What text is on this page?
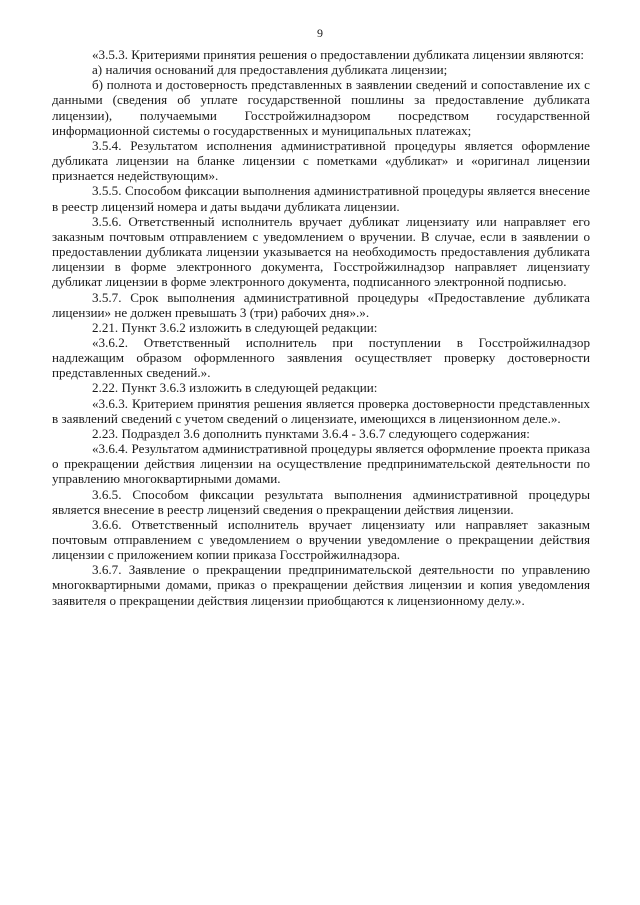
9

«3.5.3. Критериями принятия решения о предоставлении дубликата лицензии являются:

а) наличия оснований для предоставления дубликата лицензии;

б) полнота и достоверность представленных в заявлении сведений и сопоставление их с данными (сведения об уплате государственной пошлины за предоставление дубликата лицензии), получаемыми Госстройжилнадзором посредством государственной информационной системы о государственных и муниципальных платежах;

3.5.4. Результатом исполнения административной процедуры является оформление дубликата лицензии на бланке лицензии с пометками «дубликат» и «оригинал лицензии признается недействующим».

3.5.5. Способом фиксации выполнения административной процедуры является внесение в реестр лицензий номера и даты выдачи дубликата лицензии.

3.5.6. Ответственный исполнитель вручает дубликат лицензиату или направляет его заказным почтовым отправлением с уведомлением о вручении. В случае, если в заявлении о предоставлении дубликата лицензии указывается на необходимость предоставления дубликата лицензии в форме электронного документа, Госстройжилнадзор направляет лицензиату дубликат лицензии в форме электронного документа, подписанного электронной подписью.

3.5.7. Срок выполнения административной процедуры «Предоставление дубликата лицензии» не должен превышать 3 (три) рабочих дня».».

2.21. Пункт 3.6.2 изложить в следующей редакции:

«3.6.2. Ответственный исполнитель при поступлении в Госстройжилнадзор надлежащим образом оформленного заявления осуществляет проверку достоверности представленных сведений.».

2.22. Пункт 3.6.3 изложить в следующей редакции:

«3.6.3. Критерием принятия решения является проверка достоверности представленных в заявлений сведений с учетом сведений о лицензиате, имеющихся в лицензионном деле.».

2.23. Подраздел 3.6 дополнить пунктами 3.6.4 - 3.6.7 следующего содержания:

«3.6.4. Результатом административной процедуры является оформление проекта приказа о прекращении действия лицензии на осуществление предпринимательской деятельности по управлению многоквартирными домами.

3.6.5. Способом фиксации результата выполнения административной процедуры является внесение в реестр лицензий сведения о прекращении действия лицензии.

3.6.6. Ответственный исполнитель вручает лицензиату или направляет заказным почтовым отправлением с уведомлением о вручении уведомление о прекращении действия лицензии с приложением копии приказа Госстройжилнадзора.

3.6.7. Заявление о прекращении предпринимательской деятельности по управлению многоквартирными домами, приказ о прекращении действия лицензии и копия уведомления заявителя о прекращении действия лицензии приобщаются к лицензионному делу.».
